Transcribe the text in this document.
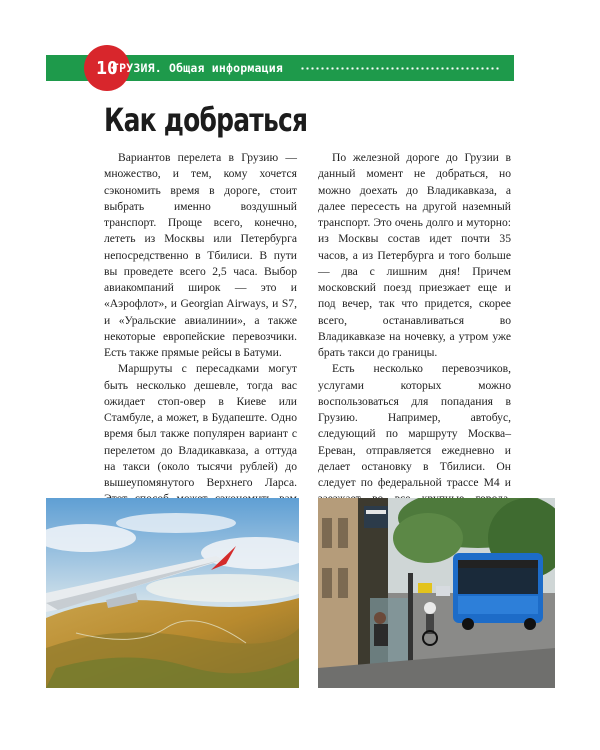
10
ГРУЗИЯ. Общая информация
Как добраться

Вариантов перелета в Грузию — множество, и тем, кому хочется сэкономить время в дороге, стоит выбрать именно воздушный транспорт. Проще всего, конечно, лететь из Москвы или Петербурга непосредственно в Тбилиси. В пути вы проведете всего 2,5 часа. Выбор авиакомпаний широк — это и «Аэрофлот», и Georgian Airways, и S7, и «Уральские авиалинии», а также некоторые европейские перевозчики. Есть также прямые рейсы в Батуми.

Маршруты с пересадками могут быть несколько дешевле, тогда вас ожидает стоп-овер в Киеве или Стамбуле, а может, в Будапеште. Одно время был также популярен вариант с перелетом до Владикавказа, а оттуда на такси (около тысячи рублей) до вышеупомянутого Верхнего Ларса.

По железной дороге до Грузии в данный момент не добраться, но можно доехать до Владикавказа, а далее пересесть на другой наземный транспорт. Это очень долго и муторно: из Москвы состав идет почти 35 часов, а из Петербурга и того больше — два с лишним дня! Причем московский поезд приезжает еще и под вечер, так что придется, скорее всего, останавливаться во Владикавказе на ночевку, а утром уже брать такси до границы.

Есть несколько перевозчиков, услугами которых можно воспользоваться для попадания в Грузию. Например, автобус, следующий по маршруту Москва–Ереван, отправляется ежедневно и делает остановку в Тбилиси. Он следует по федеральной трассе М4 и
